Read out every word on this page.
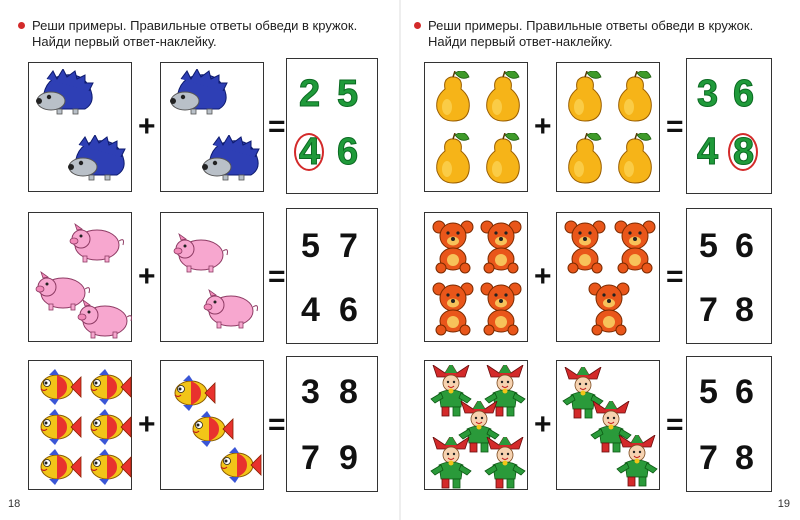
Реши примеры. Правильные ответы обведи в кружок. Найди первый ответ-наклейку.
+	=
2 5
4 6
+	=
5 7
4 6
+	=
3 8
7 9
18
Реши примеры. Правильные ответы обведи в кружок. Найди первый ответ-наклейку.
+	=
3 6
4 8
+	=
5 6
7 8
+	=
5 6
7 8
19
